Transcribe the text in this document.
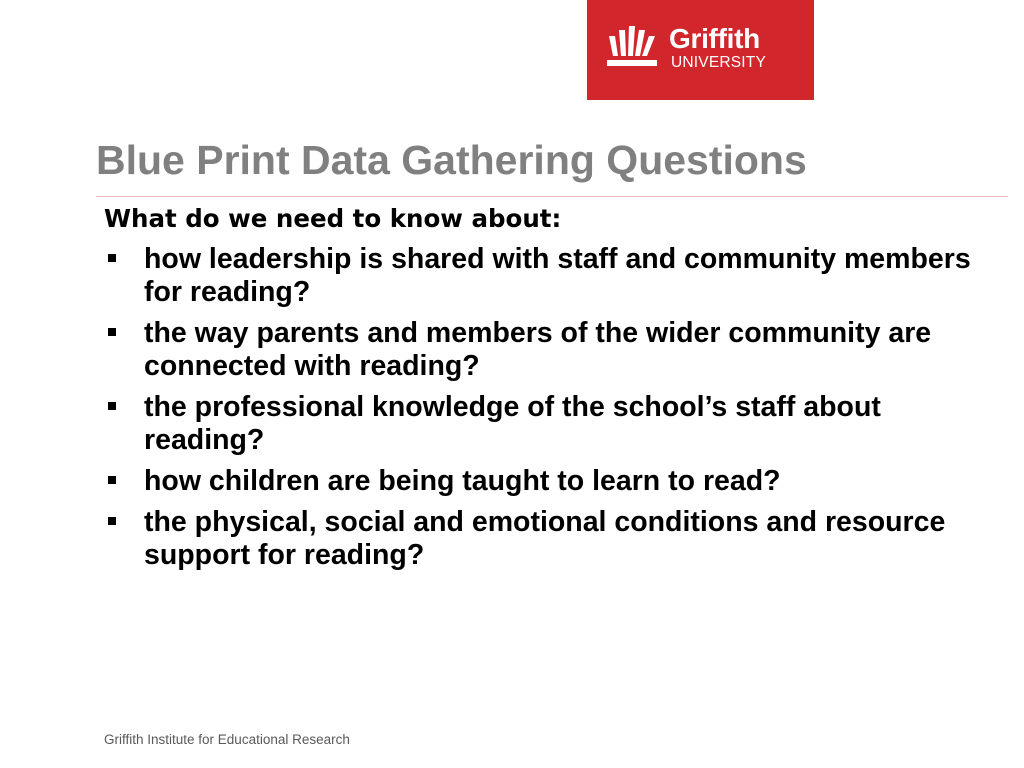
Griffith
UNIVERSITY
Blue Print Data Gathering Questions
What do we need to know about:
how leadership is shared with staff and community members for reading?
the way parents and members of the wider community are connected with reading?
the professional knowledge of the school’s staff about reading?
how children are being taught to learn to read?
the physical, social and emotional conditions and resource support for reading?
Griffith Institute for Educational Research
